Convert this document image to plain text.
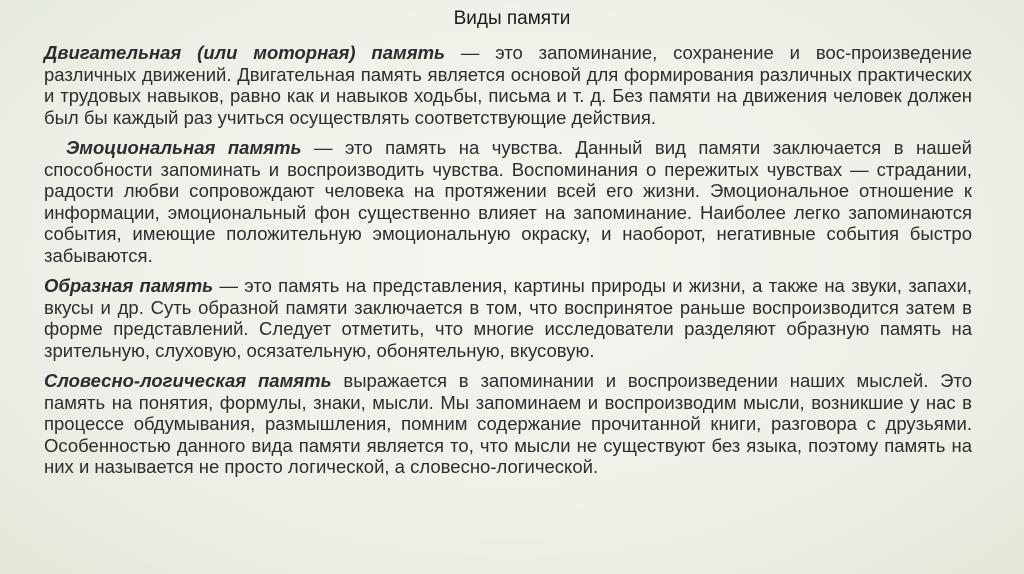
Виды памяти

Двигательная (или моторная) память — это запоминание, сохранение и вос-произведение различных движений. Двигательная память является основой для формирования различных практических и трудовых навыков, равно как и навыков ходьбы, письма и т. д. Без памяти на движения человек должен был бы каждый раз учиться осуществлять соответствующие действия.

Эмоциональная память — это память на чувства. Данный вид памяти заключается в нашей способности запоминать и воспроизводить чувства. Воспоминания о пережитых чувствах — страдании, радости любви сопровождают человека на протяжении всей его жизни. Эмоциональное отношение к информации, эмоциональный фон существенно влияет на запоминание. Наиболее легко запоминаются события, имеющие положительную эмоциональную окраску, и наоборот, негативные события быстро забываются.

Образная память — это память на представления, картины природы и жизни, а также на звуки, запахи, вкусы и др. Суть образной памяти заключается в том, что воспринятое раньше воспроизводится затем в форме представлений. Следует отметить, что многие исследователи разделяют образную память на зрительную, слуховую, осязательную, обонятельную, вкусовую.

Словесно-логическая память выражается в запоминании и воспроизведении наших мыслей. Это память на понятия, формулы, знаки, мысли. Мы запоминаем и воспроизводим мысли, возникшие у нас в процессе обдумывания, размышления, помним содержание прочитанной книги, разговора с друзьями. Особенностью данного вида памяти является то, что мысли не существуют без языка, поэтому память на них и называется не просто логической, а словесно-логической.
